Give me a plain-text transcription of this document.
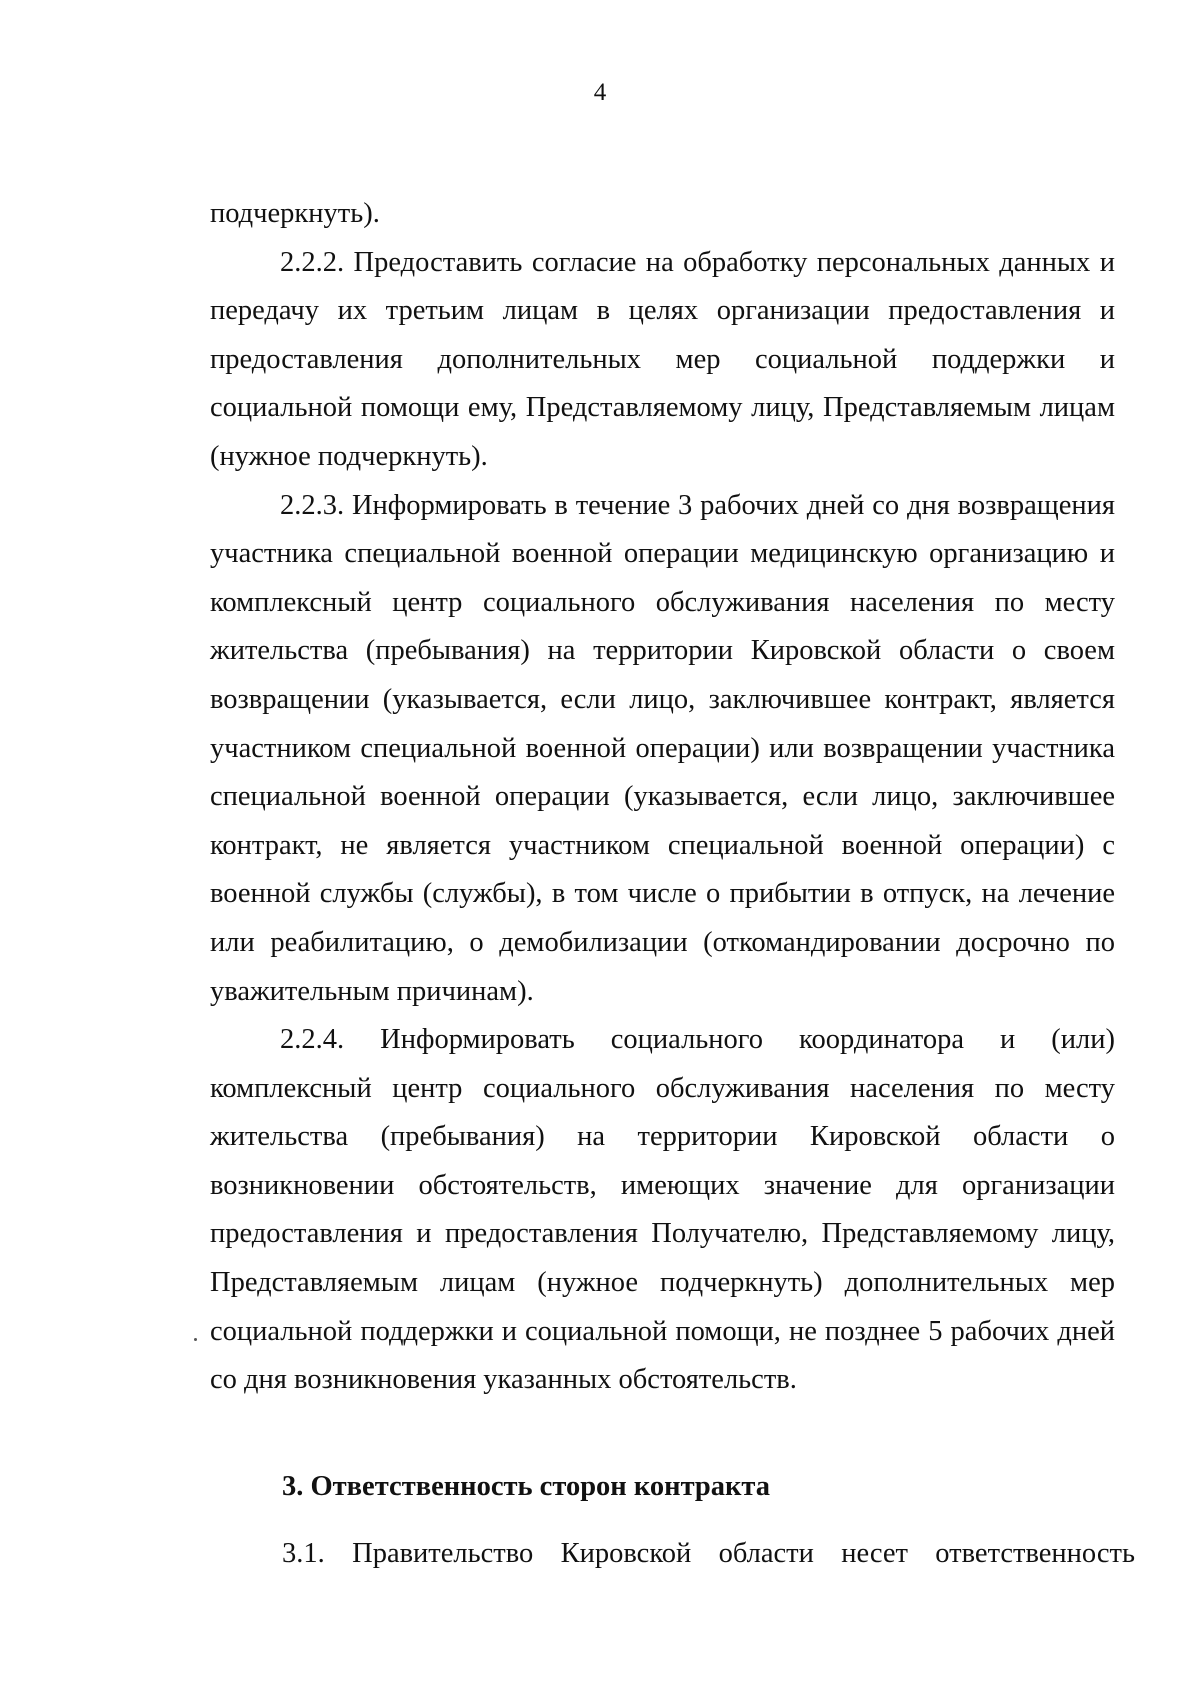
4

подчеркнуть).

2.2.2. Предоставить согласие на обработку персональных данных и передачу их третьим лицам в целях организации предоставления и предоставления дополнительных мер социальной поддержки и социальной помощи ему, Представляемому лицу, Представляемым лицам (нужное подчеркнуть).

2.2.3. Информировать в течение 3 рабочих дней со дня возвращения участника специальной военной операции медицинскую организацию и комплексный центр социального обслуживания населения по месту жительства (пребывания) на территории Кировской области о своем возвращении (указывается, если лицо, заключившее контракт, является участником специальной военной операции) или возвращении участника специальной военной операции (указывается, если лицо, заключившее контракт, не является участником специальной военной операции) с военной службы (службы), в том числе о прибытии в отпуск, на лечение или реабилитацию, о демобилизации (откомандировании досрочно по уважительным причинам).

2.2.4. Информировать социального координатора и (или) комплексный центр социального обслуживания населения по месту жительства (пребывания) на территории Кировской области о возникновении обстоятельств, имеющих значение для организации предоставления и предоставления Получателю, Представляемому лицу, Представляемым лицам (нужное подчеркнуть) дополнительных мер социальной поддержки и социальной помощи, не позднее 5 рабочих дней со дня возникновения указанных обстоятельств.

3. Ответственность сторон контракта

3.1. Правительство Кировской области несет ответственность
